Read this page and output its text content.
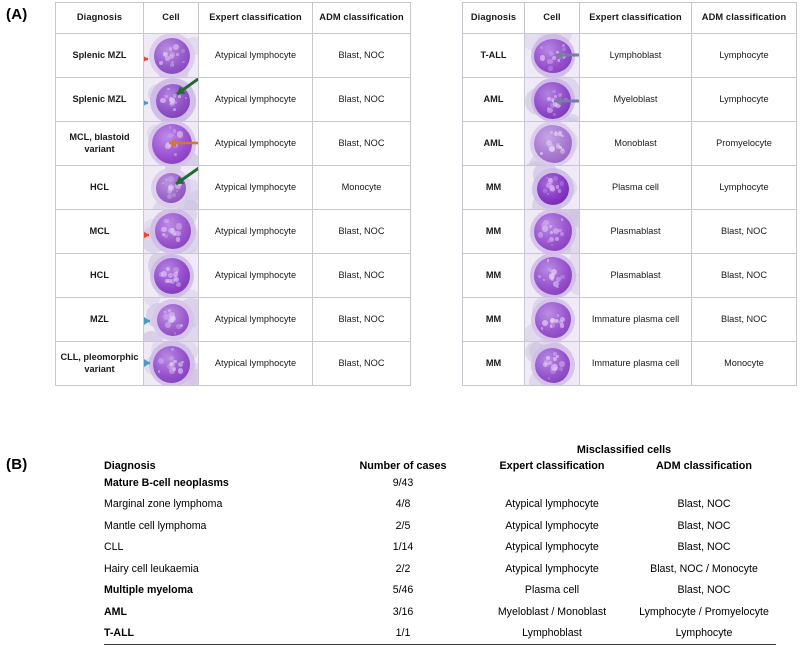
(A)
(B)
Diagnosis	Cell	Expert classification	ADM classification
Splenic MZL		Atypical lymphocyte	Blast, NOC
Splenic MZL		Atypical lymphocyte	Blast, NOC
MCL, blastoid variant		Atypical lymphocyte	Blast, NOC
HCL		Atypical lymphocyte	Monocyte
MCL		Atypical lymphocyte	Blast, NOC
HCL		Atypical lymphocyte	Blast, NOC
MZL		Atypical lymphocyte	Blast, NOC
CLL, pleomorphic variant		Atypical lymphocyte	Blast, NOC
Diagnosis	Cell	Expert classification	ADM classification
T-ALL		Lymphoblast	Lymphocyte
AML		Myeloblast	Lymphocyte
AML		Monoblast	Promyelocyte
MM		Plasma cell	Lymphocyte
MM		Plasmablast	Blast, NOC
MM		Plasmablast	Blast, NOC
MM		Immature plasma cell	Blast, NOC
MM		Immature plasma cell	Monocyte
		Misclassified cells	
Diagnosis	Number of cases	Expert classification	ADM classification
Mature B-cell neoplasms	9/43		
Marginal zone lymphoma	4/8	Atypical lymphocyte	Blast, NOC
Mantle cell lymphoma	2/5	Atypical lymphocyte	Blast, NOC
CLL	1/14	Atypical lymphocyte	Blast, NOC
Hairy cell leukaemia	2/2	Atypical lymphocyte	Blast, NOC / Monocyte
Multiple myeloma	5/46	Plasma cell	Blast, NOC
AML	3/16	Myeloblast / Monoblast	Lymphocyte / Promyelocyte
T-ALL	1/1	Lymphoblast	Lymphocyte
